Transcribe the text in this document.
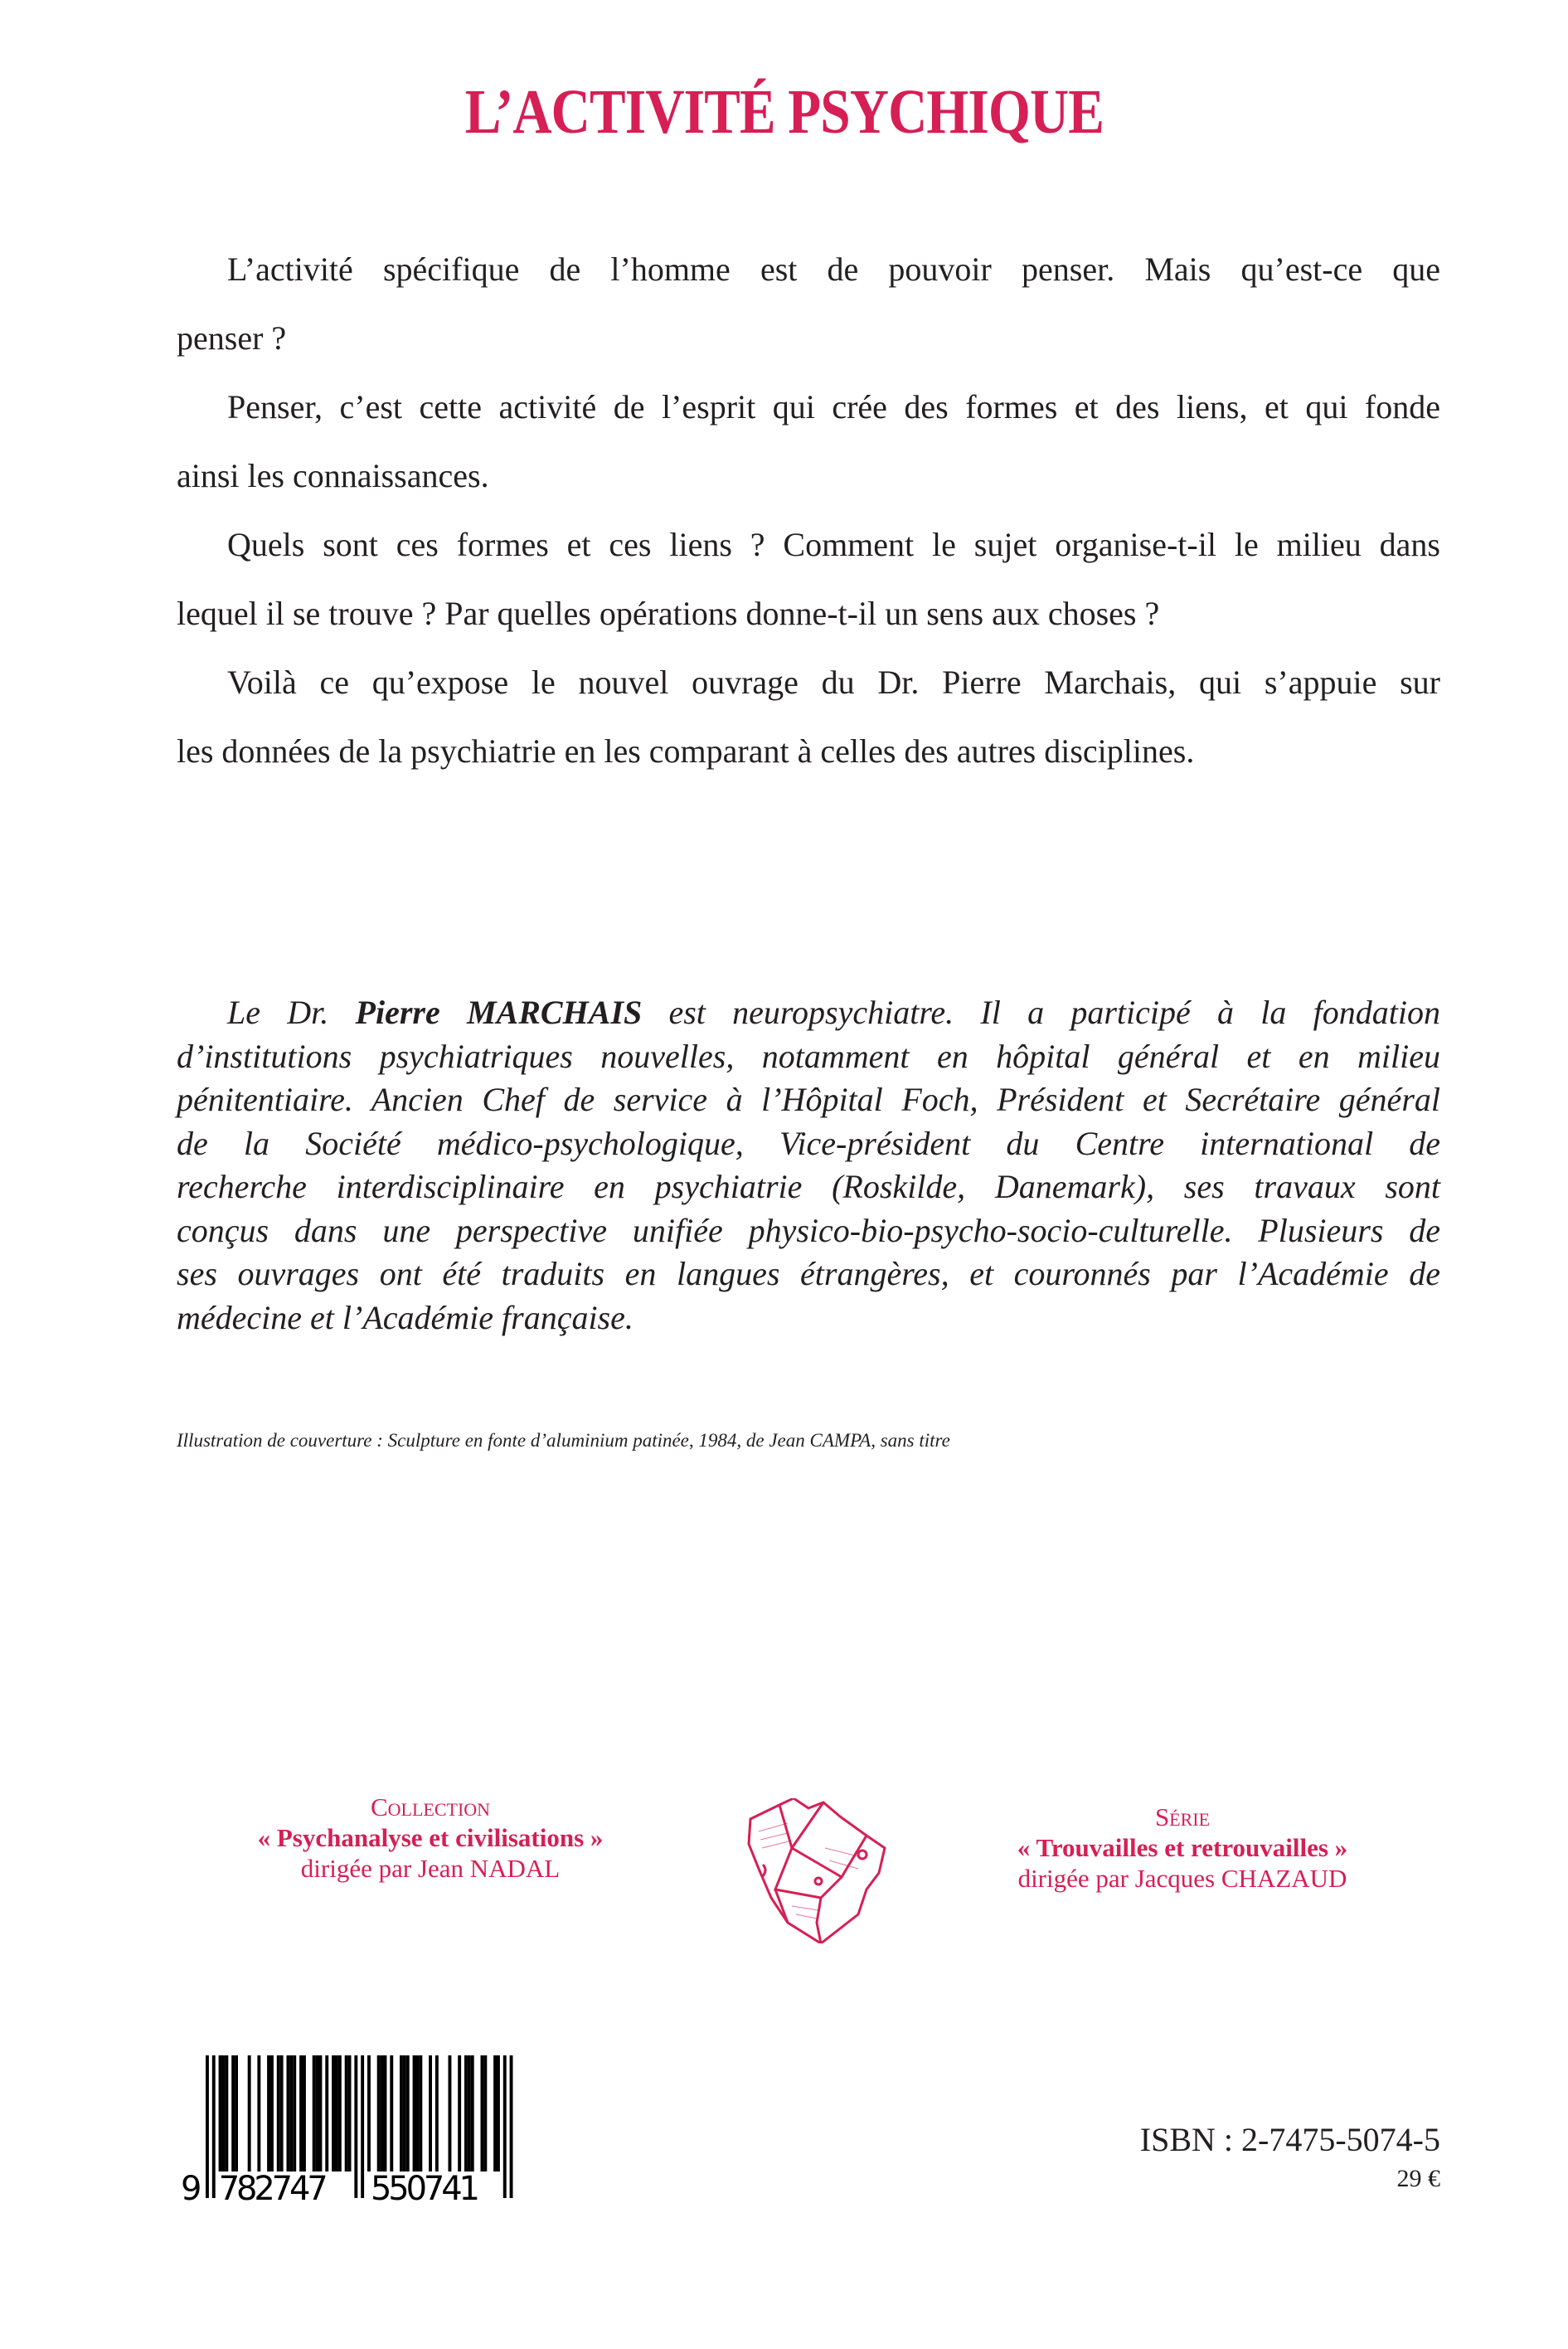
L’ACTIVITÉ PSYCHIQUE
L’activité spécifique de l’homme est de pouvoir penser. Mais qu’est-ce que
penser ?
Penser, c’est cette activité de l’esprit qui crée des formes et des liens, et qui fonde
ainsi les connaissances.
Quels sont ces formes et ces liens ? Comment le sujet organise-t-il le milieu dans
lequel il se trouve ? Par quelles opérations donne-t-il un sens aux choses ?
Voilà ce qu’expose le nouvel ouvrage du Dr. Pierre Marchais, qui s’appuie sur
les données de la psychiatrie en les comparant à celles des autres disciplines.
Le Dr. Pierre MARCHAIS est neuropsychiatre. Il a participé à la fondation
d’institutions psychiatriques nouvelles, notamment en hôpital général et en milieu
pénitentiaire. Ancien Chef de service à l’Hôpital Foch, Président et Secrétaire général
de la Société médico-psychologique, Vice-président du Centre international de
recherche interdisciplinaire en psychiatrie (Roskilde, Danemark), ses travaux sont
conçus dans une perspective unifiée physico-bio-psycho-socio-culturelle. Plusieurs de
ses ouvrages ont été traduits en langues étrangères, et couronnés par l’Académie de
médecine et l’Académie française.
Illustration de couverture : Sculpture en fonte d’aluminium patinée, 1984, de Jean CAMPA, sans titre
Collection
« Psychanalyse et civilisations »
dirigée par Jean NADAL
Série
« Trouvailles et retrouvailles »
dirigée par Jacques CHAZAUD
9 782747 550741
ISBN : 2-7475-5074-5
29 €
